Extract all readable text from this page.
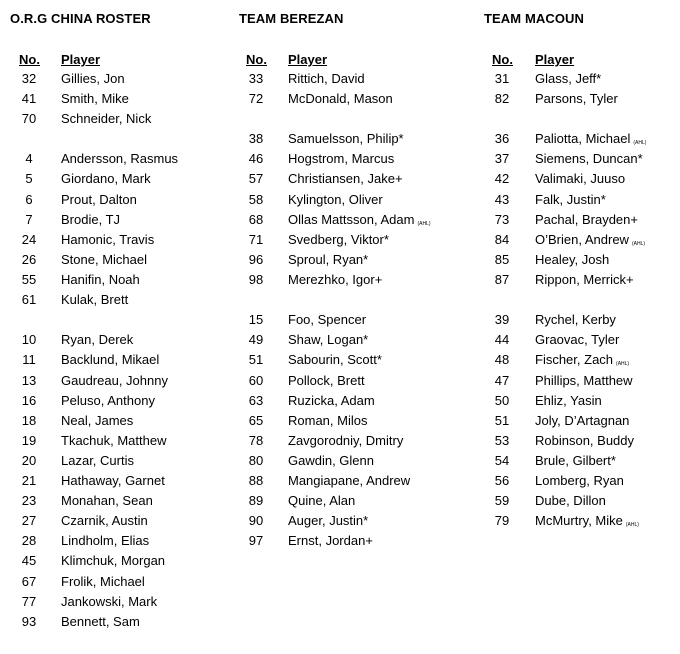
O.R.G CHINA ROSTER
No. Player
32	Gillies, Jon
41	Smith, Mike
70	Schneider, Nick
4	Andersson, Rasmus
5	Giordano, Mark
6	Prout, Dalton
7	Brodie, TJ
24	Hamonic, Travis
26	Stone, Michael
55	Hanifin, Noah
61	Kulak, Brett
10	Ryan, Derek
11	Backlund, Mikael
13	Gaudreau, Johnny
16	Peluso, Anthony
18	Neal, James
19	Tkachuk, Matthew
20	Lazar, Curtis
21	Hathaway, Garnet
23	Monahan, Sean
27	Czarnik, Austin
28	Lindholm, Elias
45	Klimchuk, Morgan
67	Frolik, Michael
77	Jankowski, Mark
93	Bennett, Sam
TEAM BEREZAN
No. Player
33	Rittich, David
72	McDonald, Mason
38	Samuelsson, Philip*
46	Hogstrom, Marcus
57	Christiansen, Jake+
58	Kylington, Oliver
68	Ollas Mattsson, Adam (AHL)
71	Svedberg, Viktor*
96	Sproul, Ryan*
98	Merezhko, Igor+
15	Foo, Spencer
49	Shaw, Logan*
51	Sabourin, Scott*
60	Pollock, Brett
63	Ruzicka, Adam
65	Roman, Milos
78	Zavgorodniy, Dmitry
80	Gawdin, Glenn
88	Mangiapane, Andrew
89	Quine, Alan
90	Auger, Justin*
97	Ernst, Jordan+
TEAM MACOUN
No. Player
31	Glass, Jeff*
82	Parsons, Tyler
36	Paliotta, Michael (AHL)
37	Siemens, Duncan*
42	Valimaki, Juuso
43	Falk, Justin*
73	Pachal, Brayden+
84	O’Brien, Andrew (AHL)
85	Healey, Josh
87	Rippon, Merrick+
39	Rychel, Kerby
44	Graovac, Tyler
48	Fischer, Zach (AHL)
47	Phillips, Matthew
50	Ehliz, Yasin
51	Joly, D’Artagnan
53	Robinson, Buddy
54	Brule, Gilbert*
56	Lomberg, Ryan
59	Dube, Dillon
79	McMurtry, Mike (AHL)
